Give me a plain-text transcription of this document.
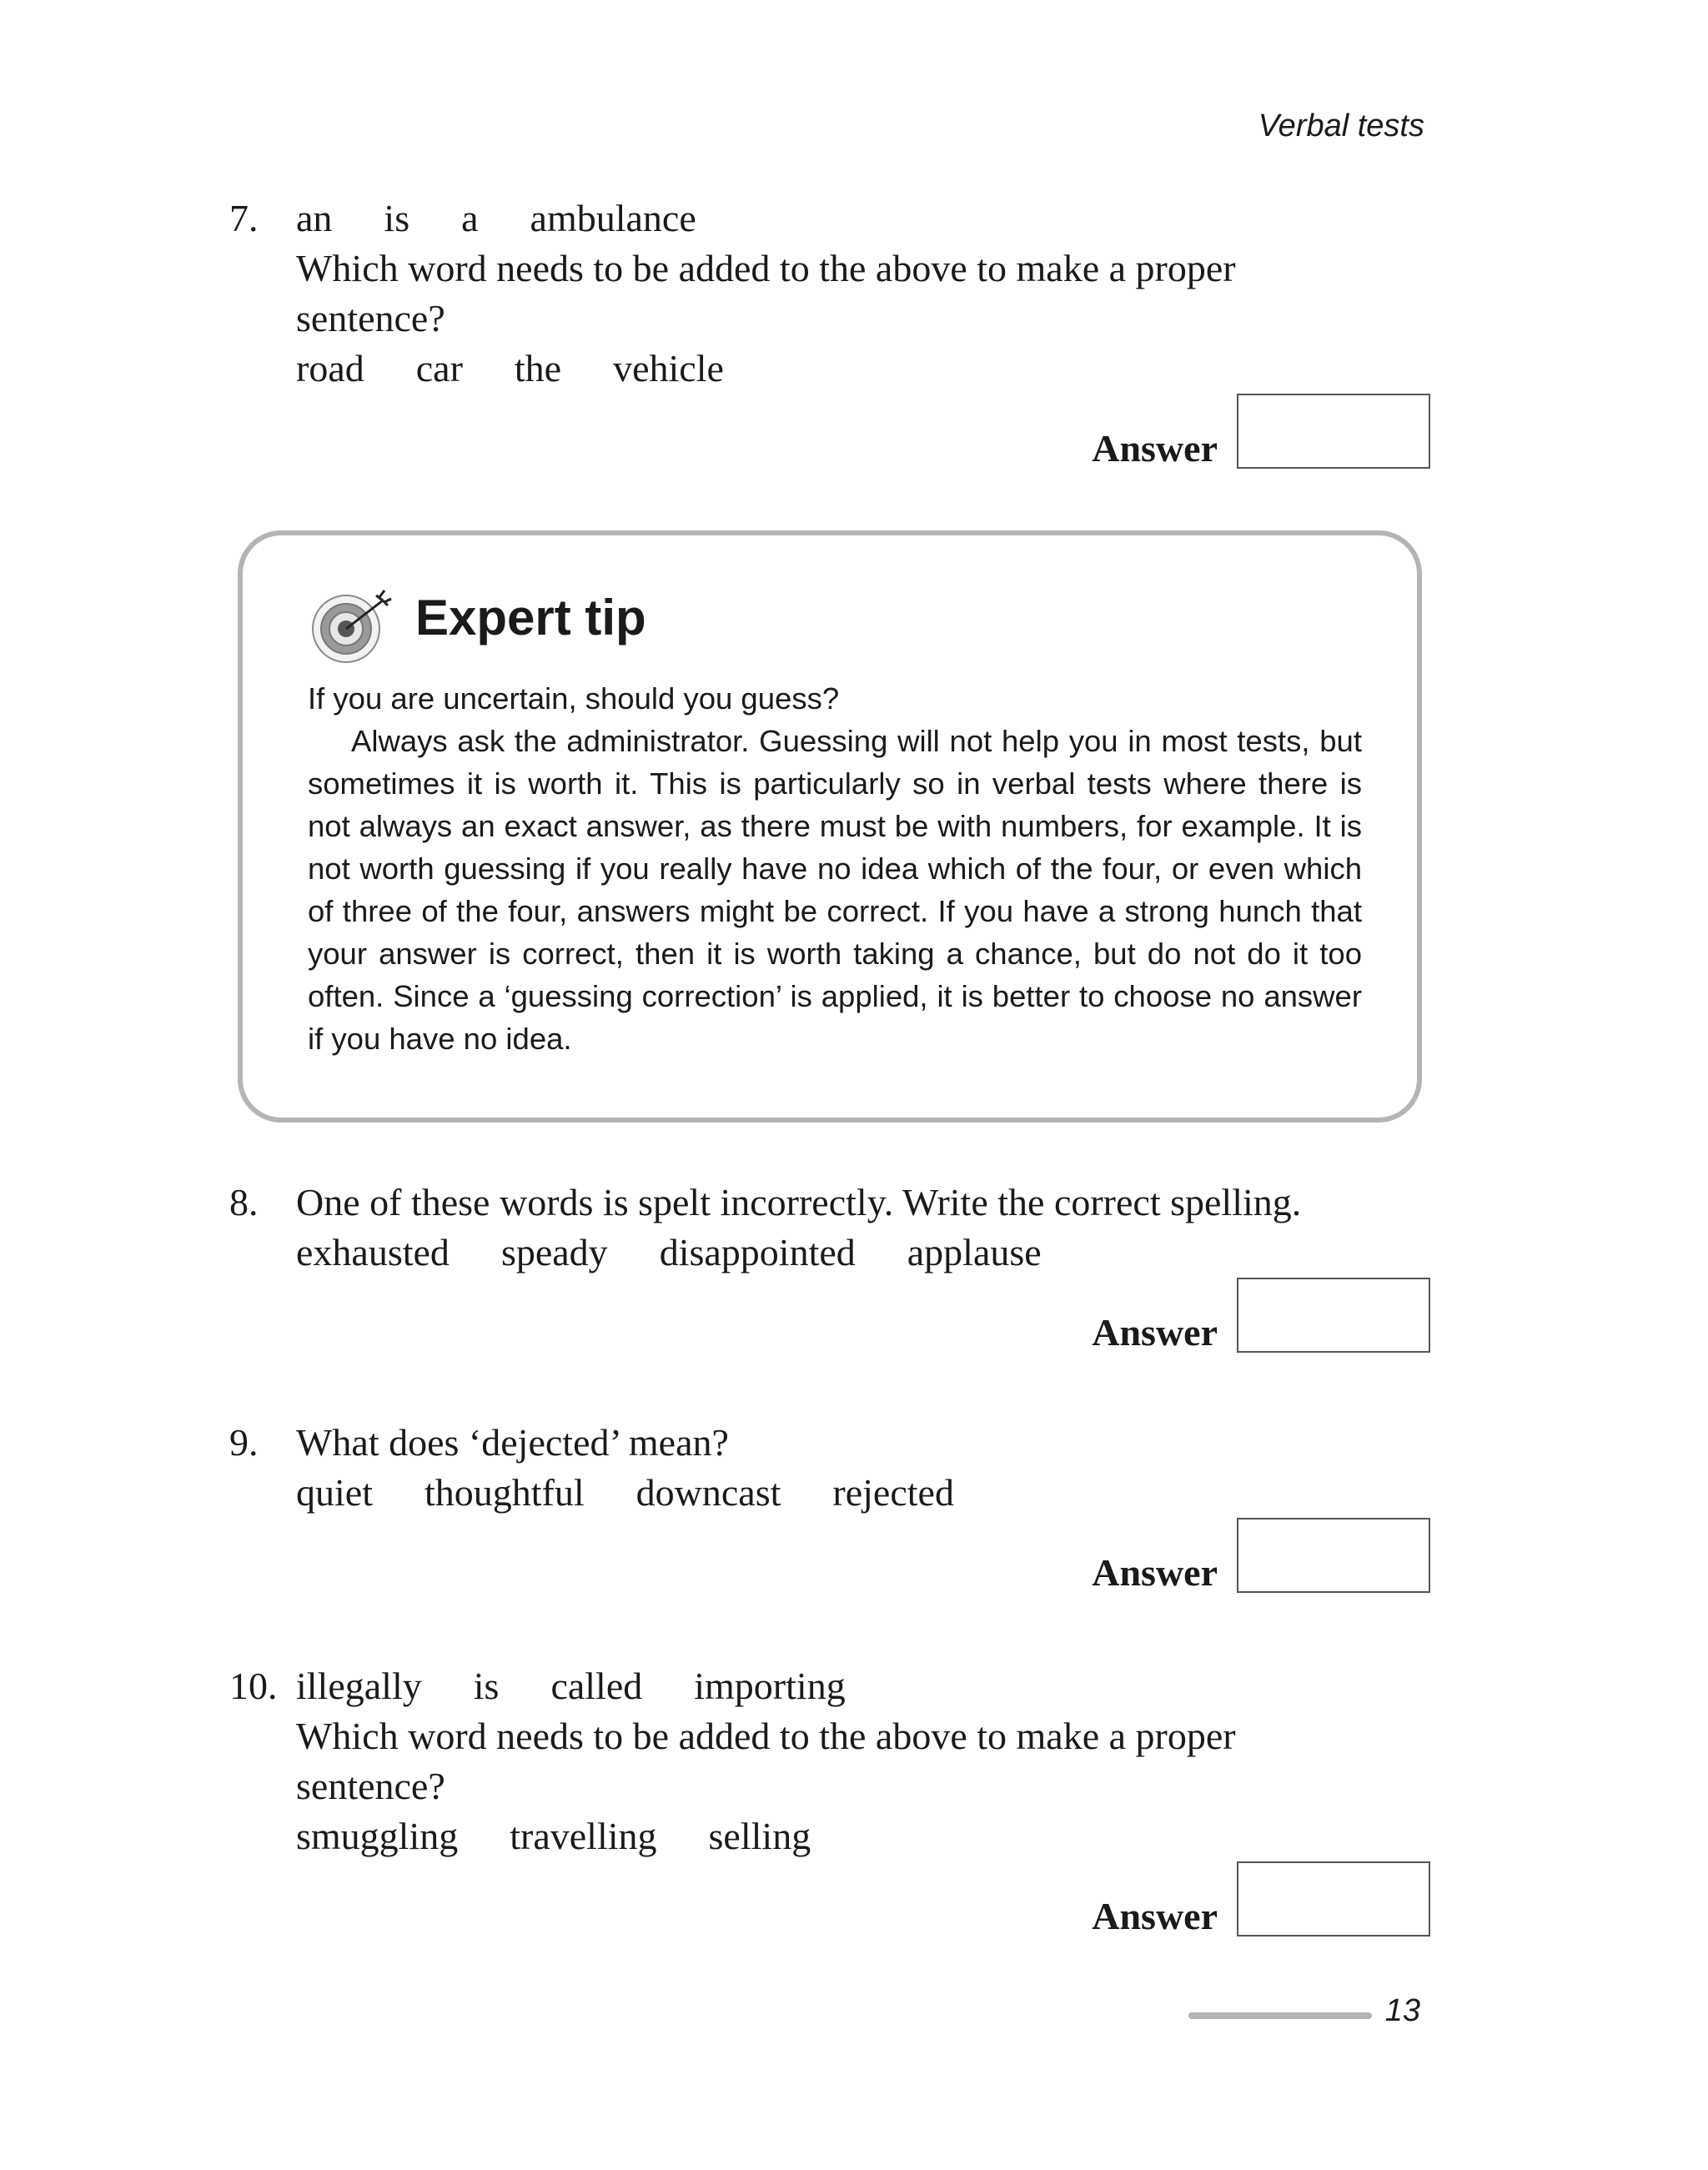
Verbal tests
7. an is a ambulance
Which word needs to be added to the above to make a proper
sentence?
road car the vehicle
Answer
Expert tip

If you are uncertain, should you guess?

Always ask the administrator. Guessing will not help you in most tests, but sometimes it is worth it. This is particularly so in verbal tests where there is not always an exact answer, as there must be with numbers, for example. It is not worth guessing if you really have no idea which of the four, or even which of three of the four, answers might be correct. If you have a strong hunch that your answer is correct, then it is worth taking a chance, but do not do it too often. Since a ‘guessing correction’ is applied, it is better to choose no answer if you have no idea.

8. One of these words is spelt incorrectly. Write the correct spelling.
exhausted speady disappointed applause
Answer
9. What does ‘dejected’ mean?
quiet thoughtful downcast rejected
Answer
10. illegally is called importing
Which word needs to be added to the above to make a proper
sentence?
smuggling travelling selling
Answer
13
